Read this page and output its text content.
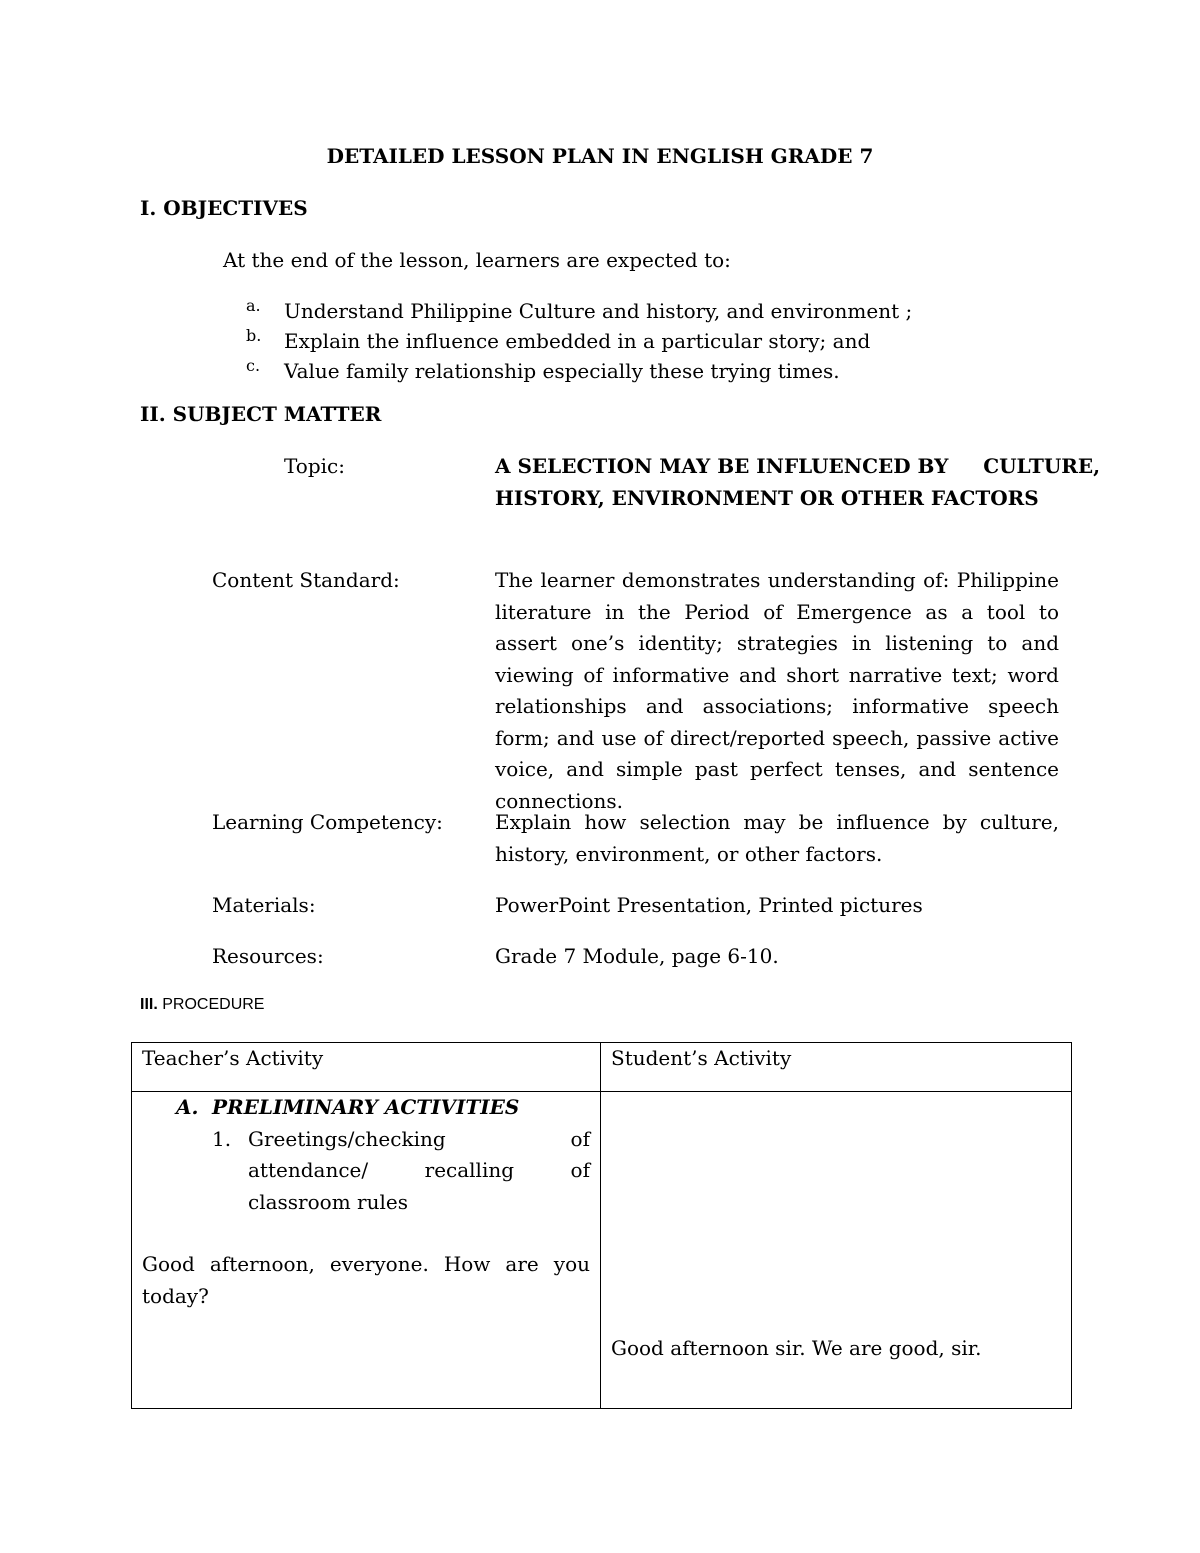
DETAILED LESSON PLAN IN ENGLISH GRADE 7
I. OBJECTIVES
At the end of the lesson, learners are expected to:
a.	Understand Philippine Culture and history, and environment ;
b.	Explain the influence embedded in a particular story; and
c.	Value family relationship especially these trying times.
II. SUBJECT MATTER
Topic:	A SELECTION MAY BE INFLUENCED BY     CULTURE,
HISTORY, ENVIRONMENT OR OTHER FACTORS
Content Standard:	The learner demonstrates understanding of: Philippine literature in the Period of Emergence as a tool to assert one’s identity; strategies in listening to and viewing of informative and short narrative text; word relationships and associations; informative speech form; and use of direct/reported speech, passive active voice, and simple past perfect tenses, and sentence connections.
Learning Competency:	Explain how selection may be influence by culture, history, environment, or other factors.
Materials:	PowerPoint Presentation, Printed pictures
Resources:	Grade 7 Module, page 6-10.
III. PROCEDURE
Teacher’s Activity	Student’s Activity

A. PRELIMINARY ACTIVITIES
1. Greetings/checking of attendance/ recalling of classroom rules
Good afternoon, everyone. How are you today?	Good afternoon sir. We are good, sir.
